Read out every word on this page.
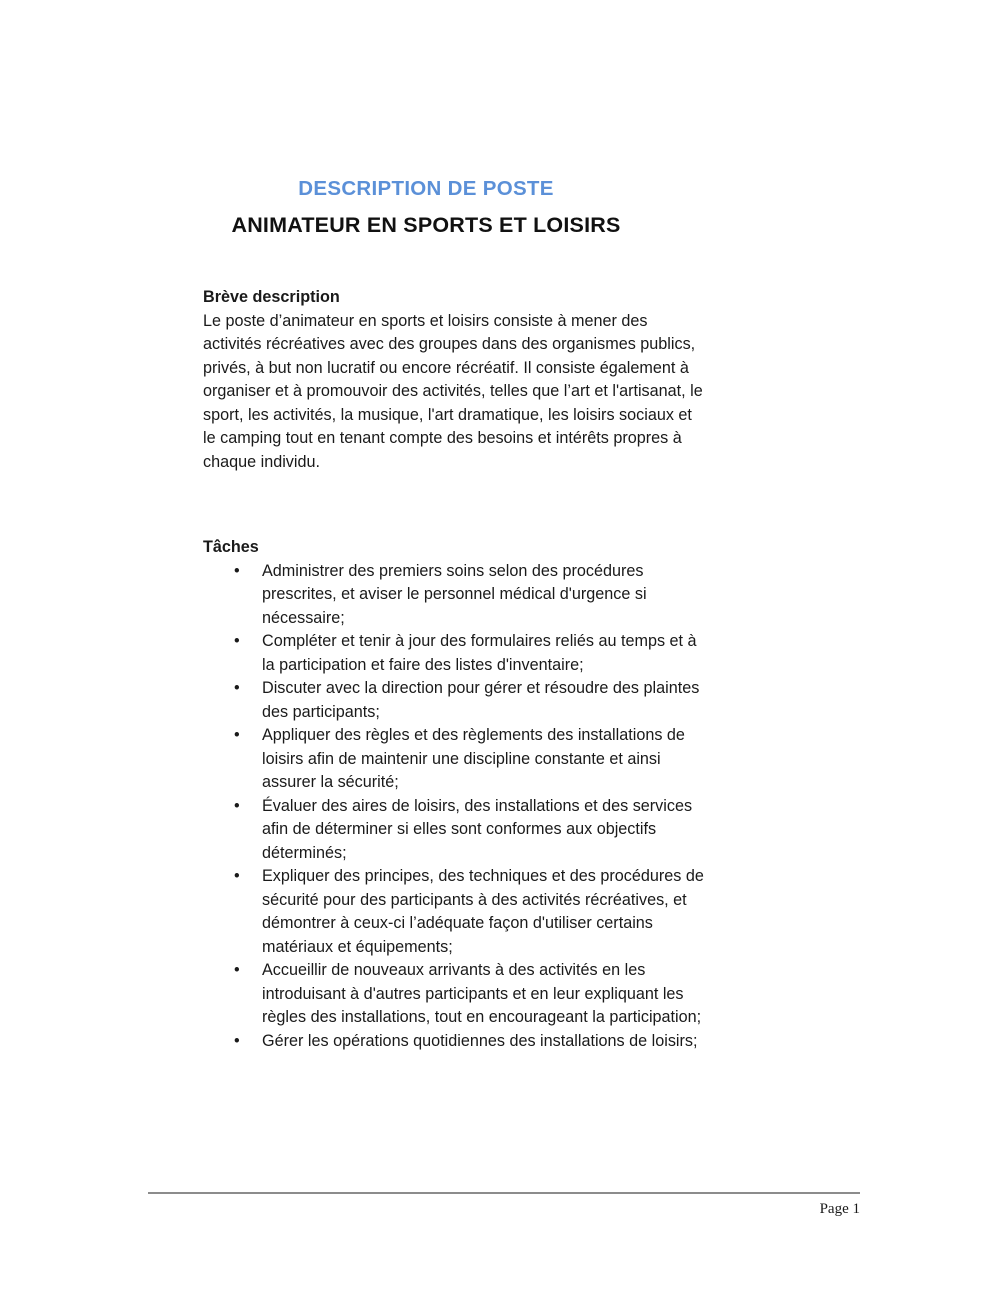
DESCRIPTION DE POSTE
ANIMATEUR EN SPORTS ET LOISIRS
Brève description

Le poste d’animateur en sports et loisirs consiste à mener des activités récréatives avec des groupes dans des organismes publics, privés, à but non lucratif ou encore récréatif. Il consiste également à organiser et à promouvoir des activités, telles que l’art et l'artisanat, le sport, les activités, la musique, l'art dramatique, les loisirs sociaux et le camping tout en tenant compte des besoins et intérêts propres à chaque individu.

Tâches
• Administrer des premiers soins selon des procédures prescrites, et aviser le personnel médical d'urgence si nécessaire;
• Compléter et tenir à jour des formulaires reliés au temps et à la participation et faire des listes d'inventaire;
• Discuter avec la direction pour gérer et résoudre des plaintes des participants;
• Appliquer des règles et des règlements des installations de loisirs afin de maintenir une discipline constante et ainsi assurer la sécurité;
• Évaluer des aires de loisirs, des installations et des services afin de déterminer si elles sont conformes aux objectifs déterminés;
• Expliquer des principes, des techniques et des procédures de sécurité pour des participants à des activités récréatives, et démontrer à ceux-ci l’adéquate façon d'utiliser certains matériaux et équipements;
• Accueillir de nouveaux arrivants à des activités en les introduisant à d'autres participants et en leur expliquant les règles des installations, tout en encourageant la participation;
• Gérer les opérations quotidiennes des installations de loisirs;
Page 1
